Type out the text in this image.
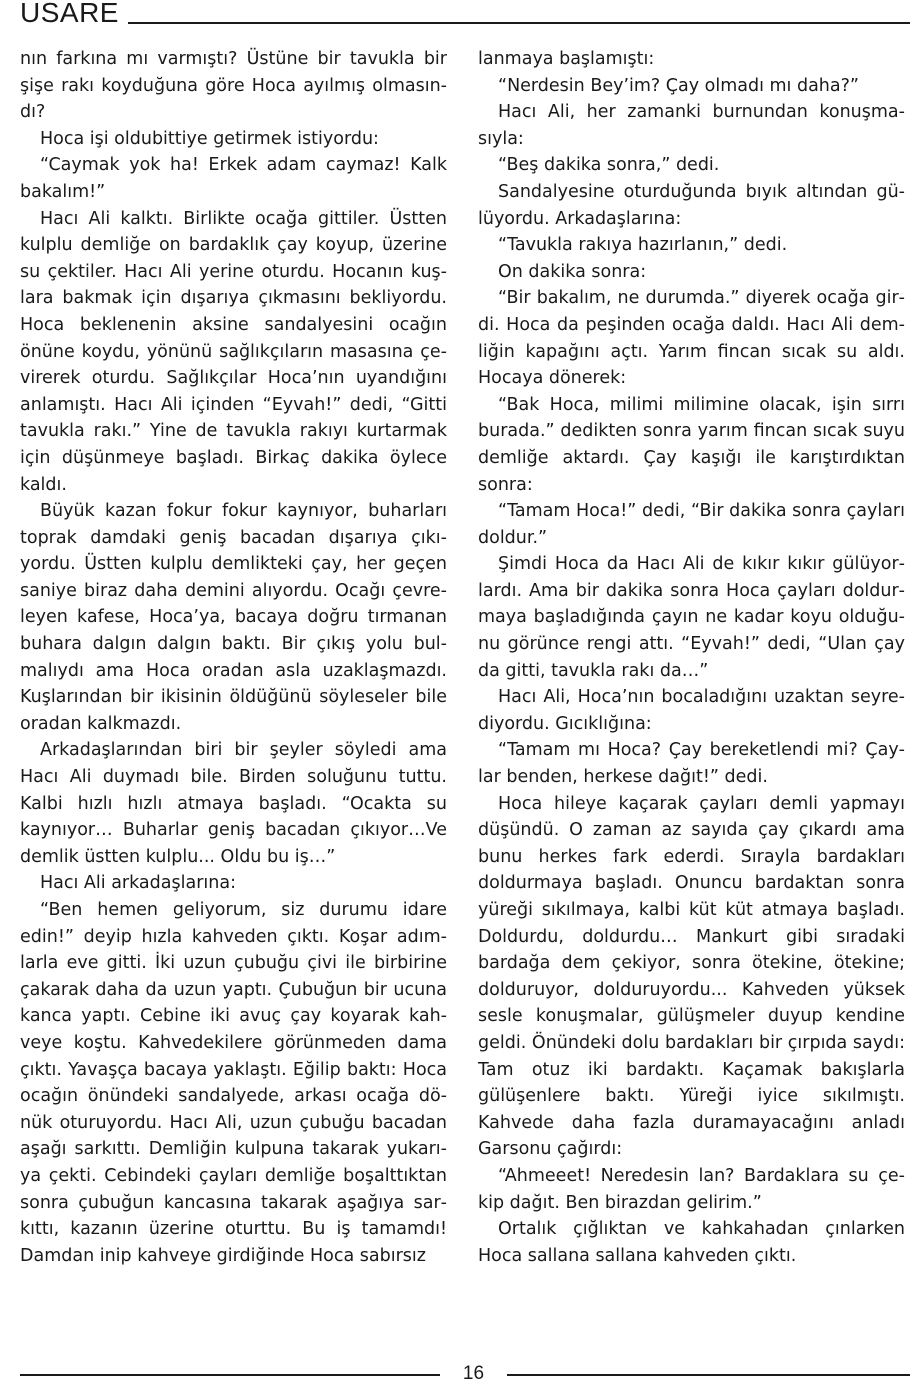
USARE

nın farkına mı varmıştı? Üstüne bir tavukla bir şişe rakı koyduğuna göre Hoca ayılmış olmasındı?

Hoca işi oldubittiye getirmek istiyordu:

“Caymak yok ha! Erkek adam caymaz! Kalk bakalım!”

Hacı Ali kalktı. Birlikte ocağa gittiler. Üstten kulplu demliğe on bardaklık çay koyup, üzerine su çektiler. Hacı Ali yerine oturdu. Hocanın kuşlara bakmak için dışarıya çıkmasını bekliyordu. Hoca beklenenin aksine sandalyesini ocağın önüne koydu, yönünü sağlıkçıların masasına çevirerek oturdu. Sağlıkçılar Hoca’nın uyandığını anlamıştı. Hacı Ali içinden “Eyvah!” dedi, “Gitti tavukla rakı.” Yine de tavukla rakıyı kurtarmak için düşünmeye başladı. Birkaç dakika öylece kaldı.

Büyük kazan fokur fokur kaynıyor, buharları toprak damdaki geniş bacadan dışarıya çıkıyordu. Üstten kulplu demlikteki çay, her geçen saniye biraz daha demini alıyordu. Ocağı çevreleyen kafese, Hoca’ya, bacaya doğru tırmanan buhara dalgın dalgın baktı. Bir çıkış yolu bulmalıydı ama Hoca oradan asla uzaklaşmazdı. Kuşlarından bir ikisinin öldüğünü söyleseler bile oradan kalkmazdı.

Arkadaşlarından biri bir şeyler söyledi ama Hacı Ali duymadı bile. Birden soluğunu tuttu. Kalbi hızlı hızlı atmaya başladı. “Ocakta su kaynıyor… Buharlar geniş bacadan çıkıyor…Ve demlik üstten kulplu... Oldu bu iş…”

Hacı Ali arkadaşlarına:

“Ben hemen geliyorum, siz durumu idare edin!” deyip hızla kahveden çıktı. Koşar adımlarla eve gitti. İki uzun çubuğu çivi ile birbirine çakarak daha da uzun yaptı. Çubuğun bir ucuna kanca yaptı. Cebine iki avuç çay koyarak kahveye koştu. Kahvedekilere görünmeden dama çıktı. Yavaşça bacaya yaklaştı. Eğilip baktı: Hoca ocağın önündeki sandalyede, arkası ocağa dönük oturuyordu. Hacı Ali, uzun çubuğu bacadan aşağı sarkıttı. Demliğin kulpuna takarak yukarıya çekti. Cebindeki çayları demliğe boşalttıktan sonra çubuğun kancasına takarak aşağıya sarkıttı, kazanın üzerine oturttu. Bu iş tamamdı! Damdan inip kahveye girdiğinde Hoca sabırsız

lanmaya başlamıştı:

“Nerdesin Bey’im? Çay olmadı mı daha?”

Hacı Ali, her zamanki burnundan konuşmasıyla:

“Beş dakika sonra,” dedi.

Sandalyesine oturduğunda bıyık altından gülüyordu. Arkadaşlarına:

“Tavukla rakıya hazırlanın,” dedi.

On dakika sonra:

“Bir bakalım, ne durumda.” diyerek ocağa girdi. Hoca da peşinden ocağa daldı. Hacı Ali demliğin kapağını açtı. Yarım fincan sıcak su aldı. Hocaya dönerek:

“Bak Hoca, milimi milimine olacak, işin sırrı burada.” dedikten sonra yarım fincan sıcak suyu demliğe aktardı. Çay kaşığı ile karıştırdıktan sonra:

“Tamam Hoca!” dedi, “Bir dakika sonra çayları doldur.”

Şimdi Hoca da Hacı Ali de kıkır kıkır gülüyorlardı. Ama bir dakika sonra Hoca çayları doldurmaya başladığında çayın ne kadar koyu olduğunu görünce rengi attı. “Eyvah!” dedi, “Ulan çay da gitti, tavukla rakı da…”

Hacı Ali, Hoca’nın bocaladığını uzaktan seyrediyordu. Gıcıklığına:

“Tamam mı Hoca? Çay bereketlendi mi? Çaylar benden, herkese dağıt!” dedi.

Hoca hileye kaçarak çayları demli yapmayı düşündü. O zaman az sayıda çay çıkardı ama bunu herkes fark ederdi. Sırayla bardakları doldurmaya başladı. Onuncu bardaktan sonra yüreği sıkılmaya, kalbi küt küt atmaya başladı. Doldurdu, doldurdu… Mankurt gibi sıradaki bardağa dem çekiyor, sonra ötekine, ötekine; dolduruyor, dolduruyordu... Kahveden yüksek sesle konuşmalar, gülüşmeler duyup kendine geldi. Önündeki dolu bardakları bir çırpıda saydı: Tam otuz iki bardaktı. Kaçamak bakışlarla gülüşenlere baktı. Yüreği iyice sıkılmıştı. Kahvede daha fazla duramayacağını anladı Garsonu çağırdı:

“Ahmeeet! Neredesin lan? Bardaklara su çekip dağıt. Ben birazdan gelirim.”

Ortalık çığlıktan ve kahkahadan çınlarken Hoca sallana sallana kahveden çıktı.

16
